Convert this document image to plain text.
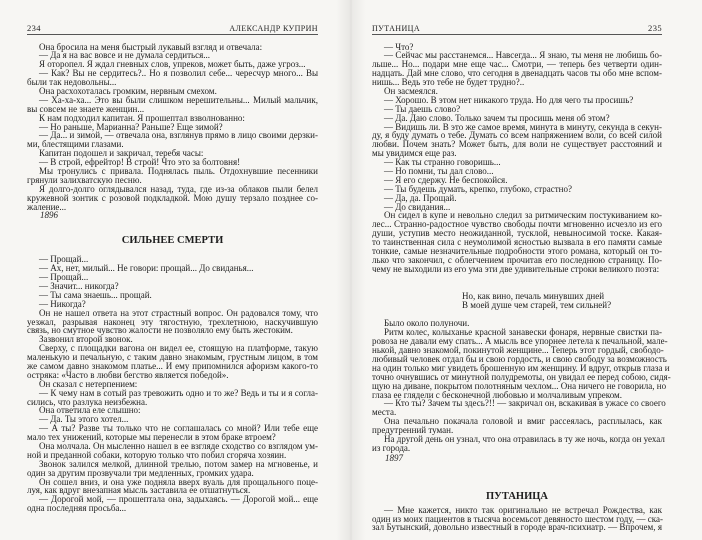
234	АЛЕКСАНДР КУПРИН
Она бросила на меня быстрый лукавый взгляд и отвечала:
— Да я на вас вовсе и не думала сердиться...
Я оторопел. Я ждал гневных слов, упреков, может быть, даже угроз...
— Как? Вы не сердитесь?.. Но я позволил себе... чересчур много... Вы
были так недовольны...
Она расхохоталась громким, нервным смехом.
— Ха-ха-ха... Это вы были слишком нерешительны... Милый мальчик,
вы совсем не знаете женщин...
К нам подходил капитан. Я прошептал взволнованно:
— Но раньше, Марианна? Раньше? Еще зимой?
— Да... и зимой, — отвечала она, взглянув прямо в лицо своими дерзки-
ми, блестящими глазами.
Капитан подошел и закричал, теребя часы:
— В строй, ефрейтор! В строй! Что это за болтовня!
Мы тронулись с привала. Поднялась пыль. Отдохнувшие песенники
грянули залихватскую песню.
Я долго-долго оглядывался назад, туда, где из-за облаков пыли белел
кружевной зонтик с розовой подкладкой. Мою душу терзало позднее со-
жаление...
1896
СИЛЬНЕЕ СМЕРТИ
— Прощай...
— Ах, нет, милый... Не говори: прощай... До свиданья...
— Прощай...
— Значит... никогда?
— Ты сама знаешь... прощай.
— Никогда?
Он не нашел ответа на этот страстный вопрос. Он радовался тому, что
уезжал, разрывая наконец эту тягостную, трехлетнюю, наскучившую
связь, но смутное чувство жалости не позволяло ему быть жестоким.
Зазвонил второй звонок.
Сверху, с площадки вагона он видел ее, стоящую на платформе, такую
маленькую и печальную, с таким давно знакомым, грустным лицом, в том
же самом давно знакомом платье... И ему припомнился афоризм какого-то
остряка: «Часто в любви бегство является победой».
Он сказал с нетерпением:
— К чему нам в сотый раз тревожить одно и то же? Ведь и ты и я согла-
сились, что разлука неизбежна.
Она ответила еле слышно:
— Да. Ты этого хотел...
— А ты? Разве ты только что не соглашалась со мной? Или тебе еще
мало тех унижений, которые мы перенесли в этом браке втроем?
Она молчала. Он мысленно нашел в ее взгляде сходство со взглядом ум-
ной и преданной собаки, которую только что побил сгоряча хозяин.
Звонок залился мелкой, длинной трелью, потом замер на мгновенье, и
один за другим прозвучали три медленных, громких удара.
Он сошел вниз, и она уже подняла вверх вуаль для прощального поце-
луя, как вдруг внезапная мысль заставила ее отшатнуться.
— Дорогой мой, — прошептала она, задыхаясь. — Дорогой мой... еще
одна последняя просьба...
ПУТАНИЦА	235
— Что?
— Сейчас мы расстанемся... Навсегда... Я знаю, ты меня не любишь бо-
льше... Но... подари мне еще час... Смотри, — теперь без четверти один-
надцать. Дай мне слово, что сегодня в двенадцать часов ты обо мне вспом-
нишь... Ведь это тебе не будет трудно?..
Он засмеялся.
— Хорошо. В этом нет никакого труда. Но для чего ты просишь?
— Ты даешь слово?
— Да. Даю слово. Только зачем ты просишь меня об этом?
— Видишь ли. В это же самое время, минута в минуту, секунда в секун-
ду, я буду думать о тебе. Думать со всем напряжением воли, со всей силой
любви. Почем знать? Может быть, для воли не существует расстояний и
мы увидимся еще раз.
— Как ты странно говоришь...
— Но помни, ты дал слово...
— Я его сдержу. Не беспокойся.
— Ты будешь думать, крепко, глубоко, страстно?
— Да, да. Прощай.
— До свидания...
Он сидел в купе и невольно следил за ритмическим постукиванием ко-
лес... Странно-радостное чувство свободы почти мгновенно исчезло из его
души, уступив место неожиданной, тусклой, невыносимой тоске. Какая-
то таинственная сила с неумолимой ясностью вызвала в его памяти самые
тонкие, самые незначительные подробности этого романа, который он то-
лько что закончил, с облегчением прочитав его последнюю страницу. По-
чему не выходили из его ума эти две удивительные строки великого поэта:
Но, как вино, печаль минувших дней
В моей душе чем старей, тем сильней?
Было около полуночи.
Ритм колес, колыханье красной занавески фонаря, нервные свистки па-
ровоза не давали ему спать... А мысль все упорнее летела к печальной, мале-
нькой, давно знакомой, покинутой женщине... Теперь этот гордый, свободо-
любивый человек отдал бы и свою гордость, и свою свободу за возможность
на один только миг увидеть брошенную им женщину. И вдруг, открыв глаза и
точно очнувшись от минутной полудремоты, он увидал ее перед собою, сидя-
щую на диване, покрытом полотняным чехлом... Она ничего не говорила, но
глаза ее глядели с бесконечной любовью и молчаливым упреком.
— Кто ты? Зачем ты здесь?!! — закричал он, вскакивая в ужасе со своего
места.
Она печально покачала головой и вмиг рассеялась, расплылась, как
предутренний туман.
На другой день он узнал, что она отравилась в ту же ночь, когда он уехал
из города.
1897
ПУТАНИЦА
— Мне кажется, никто так оригинально не встречал Рождества, как
один из моих пациентов в тысяча восемьсот девяносто шестом году, — ска-
зал Бутынский, довольно известный в городе врач-психиатр. — Впрочем, я
